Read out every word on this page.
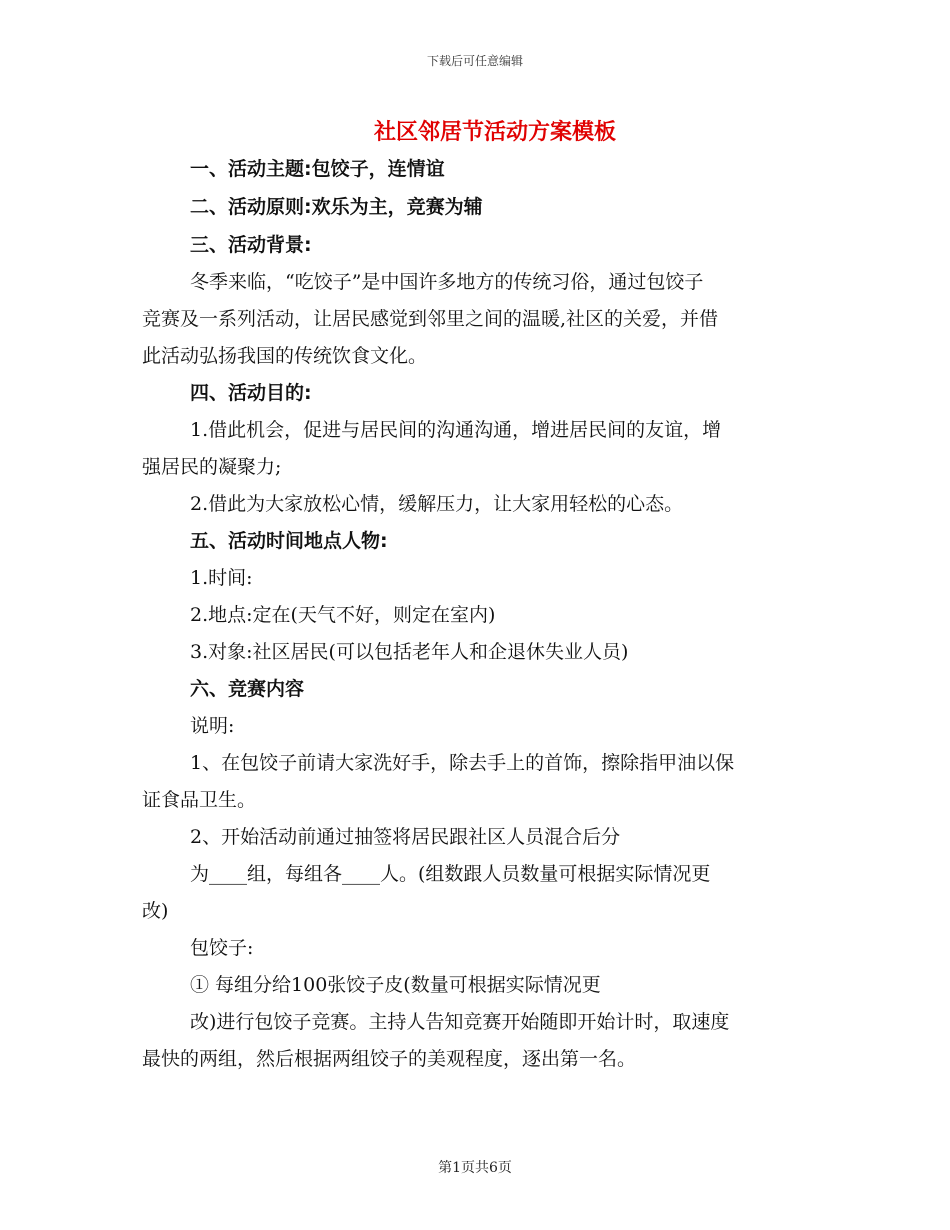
下载后可任意编辑
社区邻居节活动方案模板
一、活动主题:包饺子，连情谊
二、活动原则:欢乐为主，竞赛为辅
三、活动背景:
冬季来临，“吃饺子”是中国许多地方的传统习俗，通过包饺子
竞赛及一系列活动，让居民感觉到邻里之间的温暖,社区的关爱，并借
此活动弘扬我国的传统饮食文化。
四、活动目的:
1.借此机会，促进与居民间的沟通沟通，增进居民间的友谊，增
强居民的凝聚力;
2.借此为大家放松心情，缓解压力，让大家用轻松的心态。
五、活动时间地点人物:
1.时间:
2.地点:定在(天气不好，则定在室内)
3.对象:社区居民(可以包括老年人和企退休失业人员)
六、竞赛内容
说明:
1、在包饺子前请大家洗好手，除去手上的首饰，擦除指甲油以保
证食品卫生。
2、开始活动前通过抽签将居民跟社区人员混合后分
为____组，每组各____人。(组数跟人员数量可根据实际情况更
改)
包饺子:
① 每组分给100张饺子皮(数量可根据实际情况更
改)进行包饺子竞赛。主持人告知竞赛开始随即开始计时，取速度
最快的两组，然后根据两组饺子的美观程度，逐出第一名。
第1页共6页
